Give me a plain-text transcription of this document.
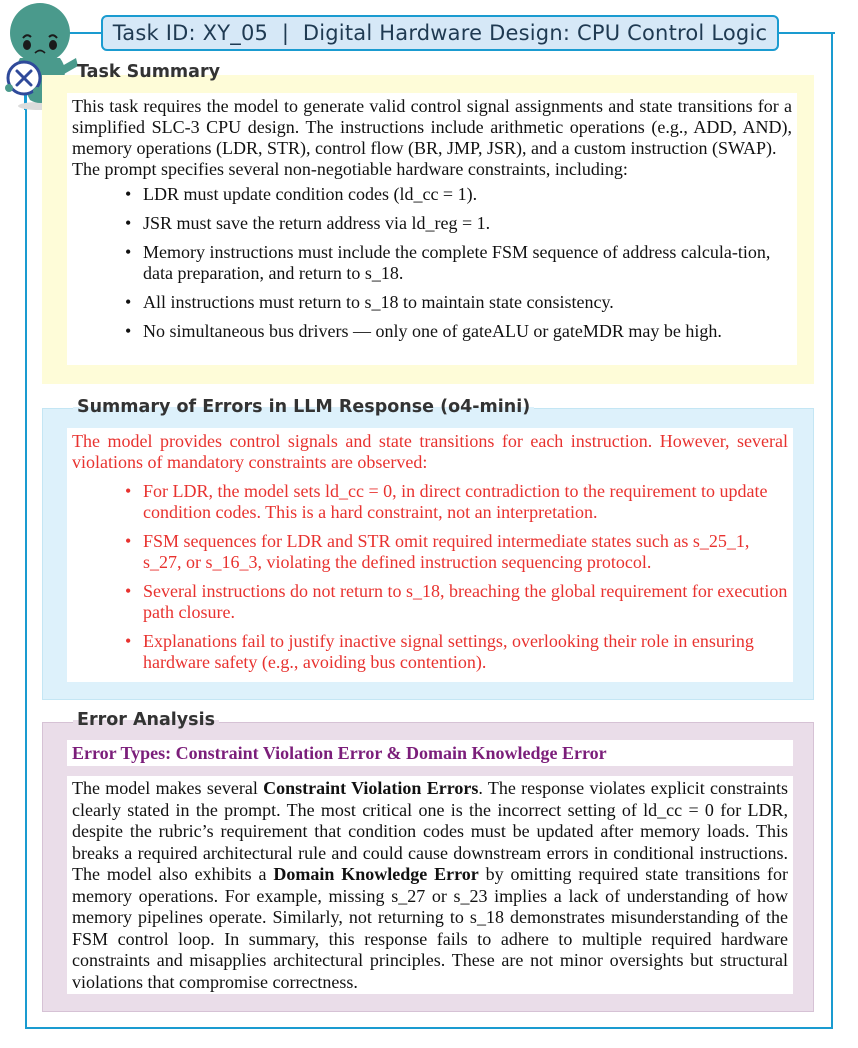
Task ID: XY_05  |  Digital Hardware Design: CPU Control Logic
Task Summary

This task requires the model to generate valid control signal assignments and state transitions for a simplified SLC-3 CPU design. The instructions include arithmetic operations (e.g., ADD, AND), memory operations (LDR, STR), control flow (BR, JMP, JSR), and a custom instruction (SWAP).

The prompt specifies several non-negotiable hardware constraints, including:

• LDR must update condition codes (ld_cc = 1).
• JSR must save the return address via ld_reg = 1.
• Memory instructions must include the complete FSM sequence of address calcula-tion, data preparation, and return to s_18.
• All instructions must return to s_18 to maintain state consistency.
• No simultaneous bus drivers — only one of gateALU or gateMDR may be high.
Summary of Errors in LLM Response (o4-mini)

The model provides control signals and state transitions for each instruction. However, several violations of mandatory constraints are observed:

• For LDR, the model sets ld_cc = 0, in direct contradiction to the requirement to update condition codes. This is a hard constraint, not an interpretation.
• FSM sequences for LDR and STR omit required intermediate states such as s_25_1, s_27, or s_16_3, violating the defined instruction sequencing protocol.
• Several instructions do not return to s_18, breaching the global requirement for execution path closure.
• Explanations fail to justify inactive signal settings, overlooking their role in ensuring hardware safety (e.g., avoiding bus contention).
Error Analysis
Error Types: Constraint Violation Error & Domain Knowledge Error
The model makes several Constraint Violation Errors. The response violates explicit constraints clearly stated in the prompt. The most critical one is the incorrect setting of ld_cc = 0 for LDR, despite the rubric’s requirement that condition codes must be updated after memory loads. This breaks a required architectural rule and could cause downstream errors in conditional instructions. The model also exhibits a Domain Knowledge Error by omitting required state transitions for memory operations. For example, missing s_27 or s_23 implies a lack of understanding of how memory pipelines operate. Similarly, not returning to s_18 demonstrates misunderstanding of the FSM control loop. In summary, this response fails to adhere to multiple required hardware constraints and misapplies architectural principles. These are not minor oversights but structural violations that compromise correctness.
